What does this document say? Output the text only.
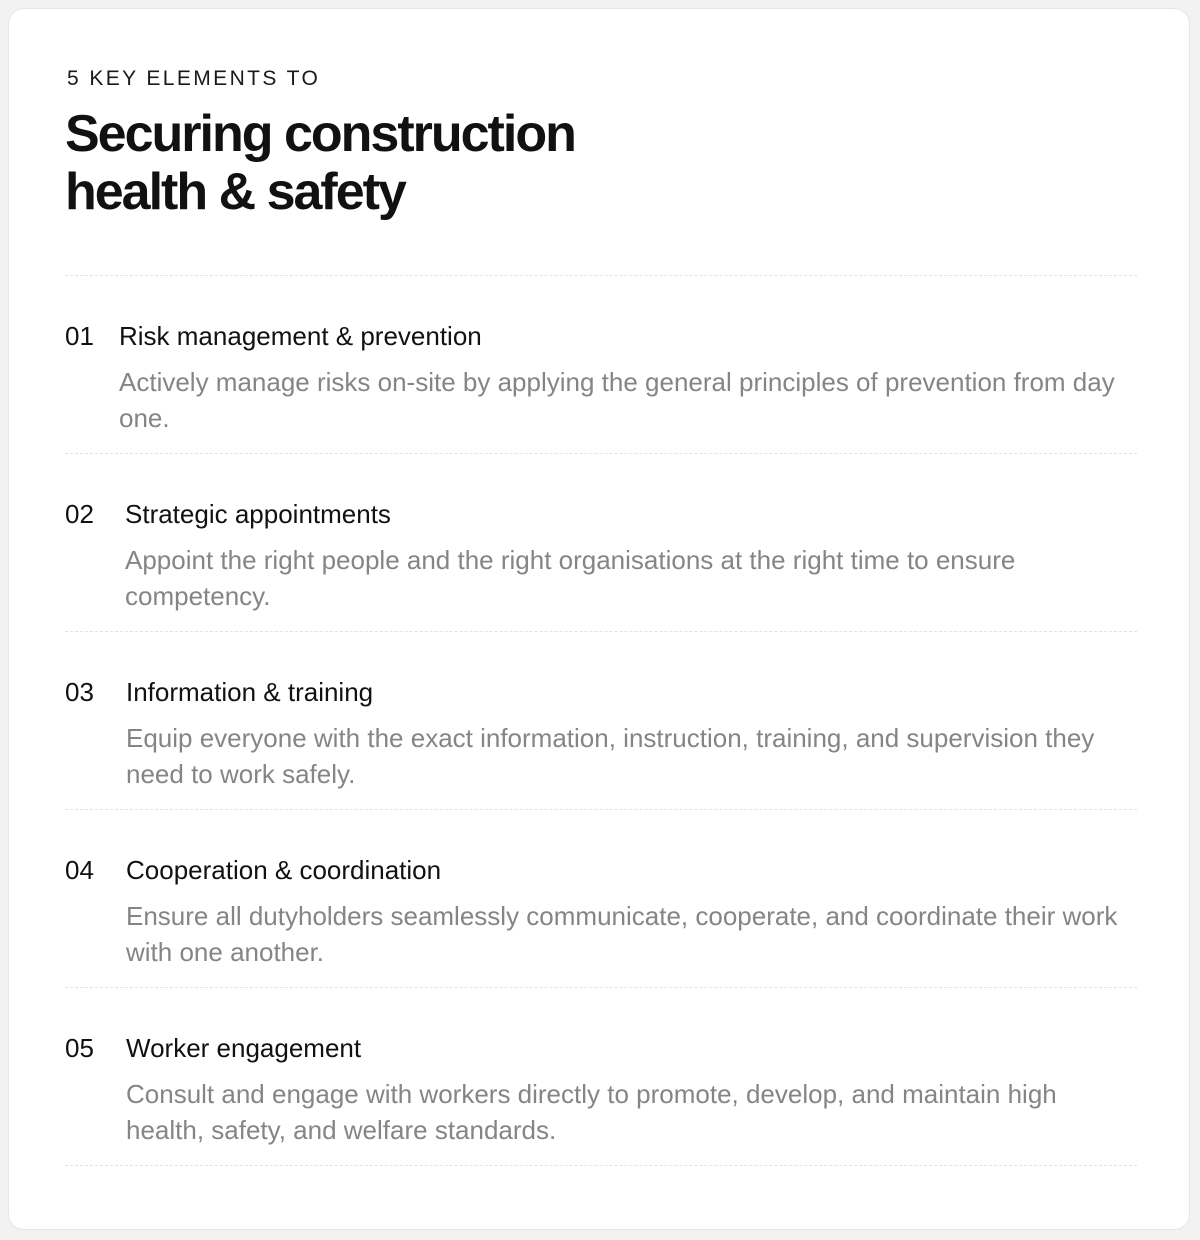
5 KEY ELEMENTS TO
Securing construction
health & safety
01 Risk management & prevention
Actively manage risks on-site by applying the general principles of prevention from day one.
02 Strategic appointments
Appoint the right people and the right organisations at the right time to ensure competency.
03 Information & training
Equip everyone with the exact information, instruction, training, and supervision they need to work safely.
04 Cooperation & coordination
Ensure all dutyholders seamlessly communicate, cooperate, and coordinate their work with one another.
05 Worker engagement
Consult and engage with workers directly to promote, develop, and maintain high health, safety, and welfare standards.
